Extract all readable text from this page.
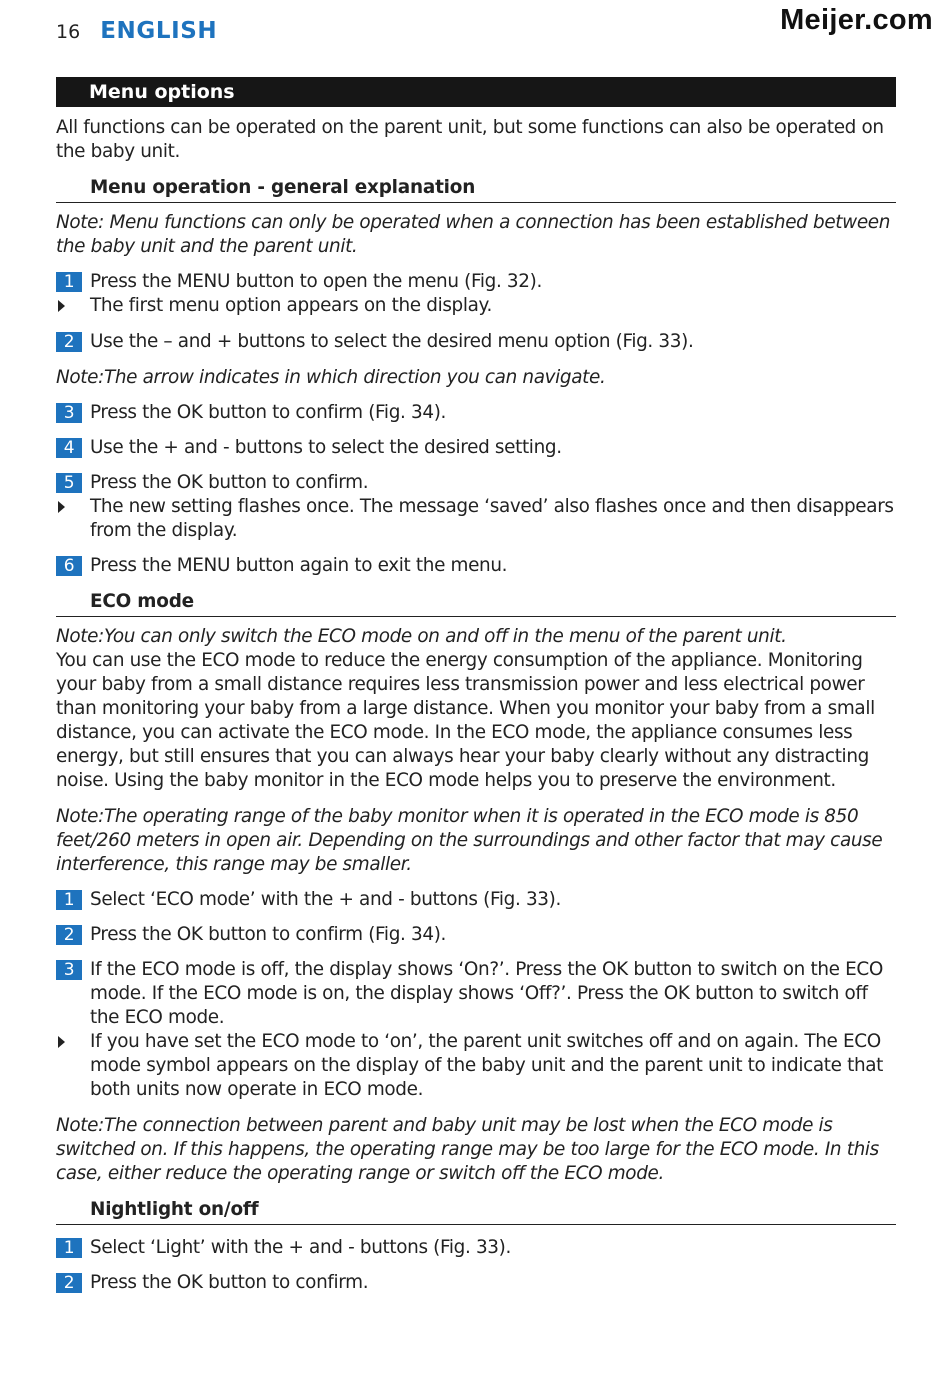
Meijer.com
16 ENGLISH
Menu options

All functions can be operated on the parent unit, but some functions can also be operated on the baby unit.

Menu operation - general explanation

Note: Menu functions can only be operated when a connection has been established between the baby unit and the parent unit.

1 Press the MENU button to open the menu (Fig. 32).
The first menu option appears on the display.
2 Use the – and + buttons to select the desired menu option (Fig. 33).

Note:The arrow indicates in which direction you can navigate.

3 Press the OK button to confirm (Fig. 34).
4 Use the + and - buttons to select the desired setting.
5 Press the OK button to confirm.
The new setting flashes once. The message ‘saved’ also flashes once and then disappears from the display.
6 Press the MENU button again to exit the menu.
ECO mode

Note:You can only switch the ECO mode on and off in the menu of the parent unit.

You can use the ECO mode to reduce the energy consumption of the appliance. Monitoring your baby from a small distance requires less transmission power and less electrical power than monitoring your baby from a large distance. When you monitor your baby from a small distance, you can activate the ECO mode. In the ECO mode, the appliance consumes less energy, but still ensures that you can always hear your baby clearly without any distracting noise. Using the baby monitor in the ECO mode helps you to preserve the environment.

Note:The operating range of the baby monitor when it is operated in the ECO mode is 850 feet/260 meters in open air. Depending on the surroundings and other factor that may cause interference, this range may be smaller.

1 Select ‘ECO mode’ with the + and - buttons (Fig. 33).
2 Press the OK button to confirm (Fig. 34).
3 If the ECO mode is off, the display shows ‘On?’. Press the OK button to switch on the ECO mode. If the ECO mode is on, the display shows ‘Off?’. Press the OK button to switch off the ECO mode.
If you have set the ECO mode to ‘on’, the parent unit switches off and on again. The ECO mode symbol appears on the display of the baby unit and the parent unit to indicate that both units now operate in ECO mode.

Note:The connection between parent and baby unit may be lost when the ECO mode is switched on. If this happens, the operating range may be too large for the ECO mode. In this case, either reduce the operating range or switch off the ECO mode.

Nightlight on/off
1 Select ‘Light’ with the + and - buttons (Fig. 33).
2 Press the OK button to confirm.
